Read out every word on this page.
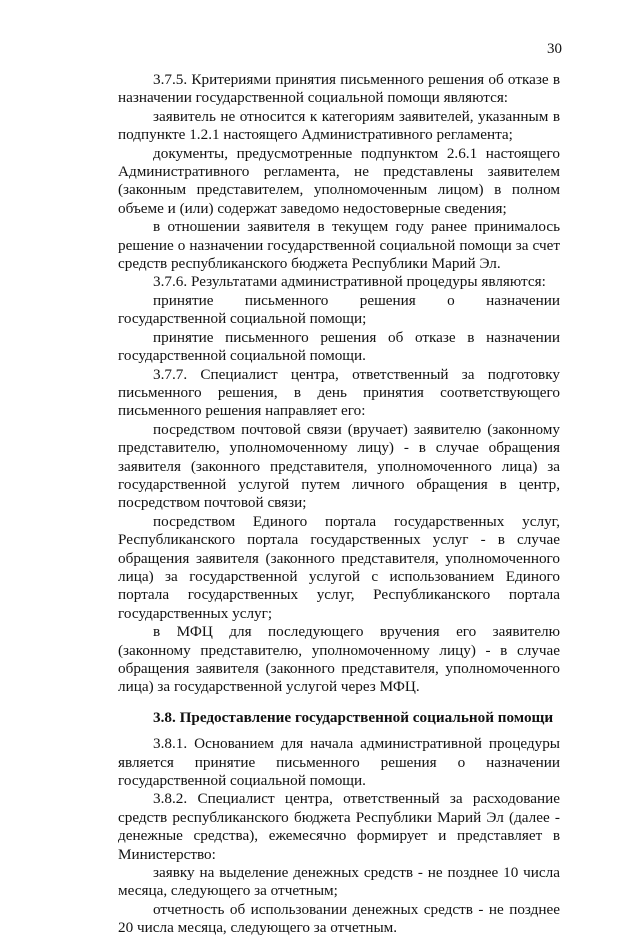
30

3.7.5. Критериями принятия письменного решения об отказе в назначении государственной социальной помощи являются:

заявитель не относится к категориям заявителей, указанным в подпункте 1.2.1 настоящего Административного регламента;

документы, предусмотренные подпунктом 2.6.1 настоящего Административного регламента, не представлены заявителем (законным представителем, уполномоченным лицом) в полном объеме и (или) содержат заведомо недостоверные сведения;

в отношении заявителя в текущем году ранее принималось решение о назначении государственной социальной помощи за счет средств республиканского бюджета Республики Марий Эл.

3.7.6. Результатами административной процедуры являются:

принятие письменного решения о назначении государственной социальной помощи;

принятие письменного решения об отказе в назначении государственной социальной помощи.

3.7.7. Специалист центра, ответственный за подготовку письменного решения, в день принятия соответствующего письменного решения направляет его:

посредством почтовой связи (вручает) заявителю (законному представителю, уполномоченному лицу) - в случае обращения заявителя (законного представителя, уполномоченного лица) за государственной услугой путем личного обращения в центр, посредством почтовой связи;

посредством Единого портала государственных услуг, Республиканского портала государственных услуг - в случае обращения заявителя (законного представителя, уполномоченного лица) за государственной услугой с использованием Единого портала государственных услуг, Республиканского портала государственных услуг;

в МФЦ для последующего вручения его заявителю (законному представителю, уполномоченному лицу) - в случае обращения заявителя (законного представителя, уполномоченного лица) за государственной услугой через МФЦ.

3.8. Предоставление государственной социальной помощи

3.8.1. Основанием для начала административной процедуры является принятие письменного решения о назначении государственной социальной помощи.

3.8.2. Специалист центра, ответственный за расходование средств республиканского бюджета Республики Марий Эл (далее - денежные средства), ежемесячно формирует и представляет в Министерство:

заявку на выделение денежных средств - не позднее 10 числа месяца, следующего за отчетным;

отчетность об использовании денежных средств - не позднее 20 числа месяца, следующего за отчетным.
